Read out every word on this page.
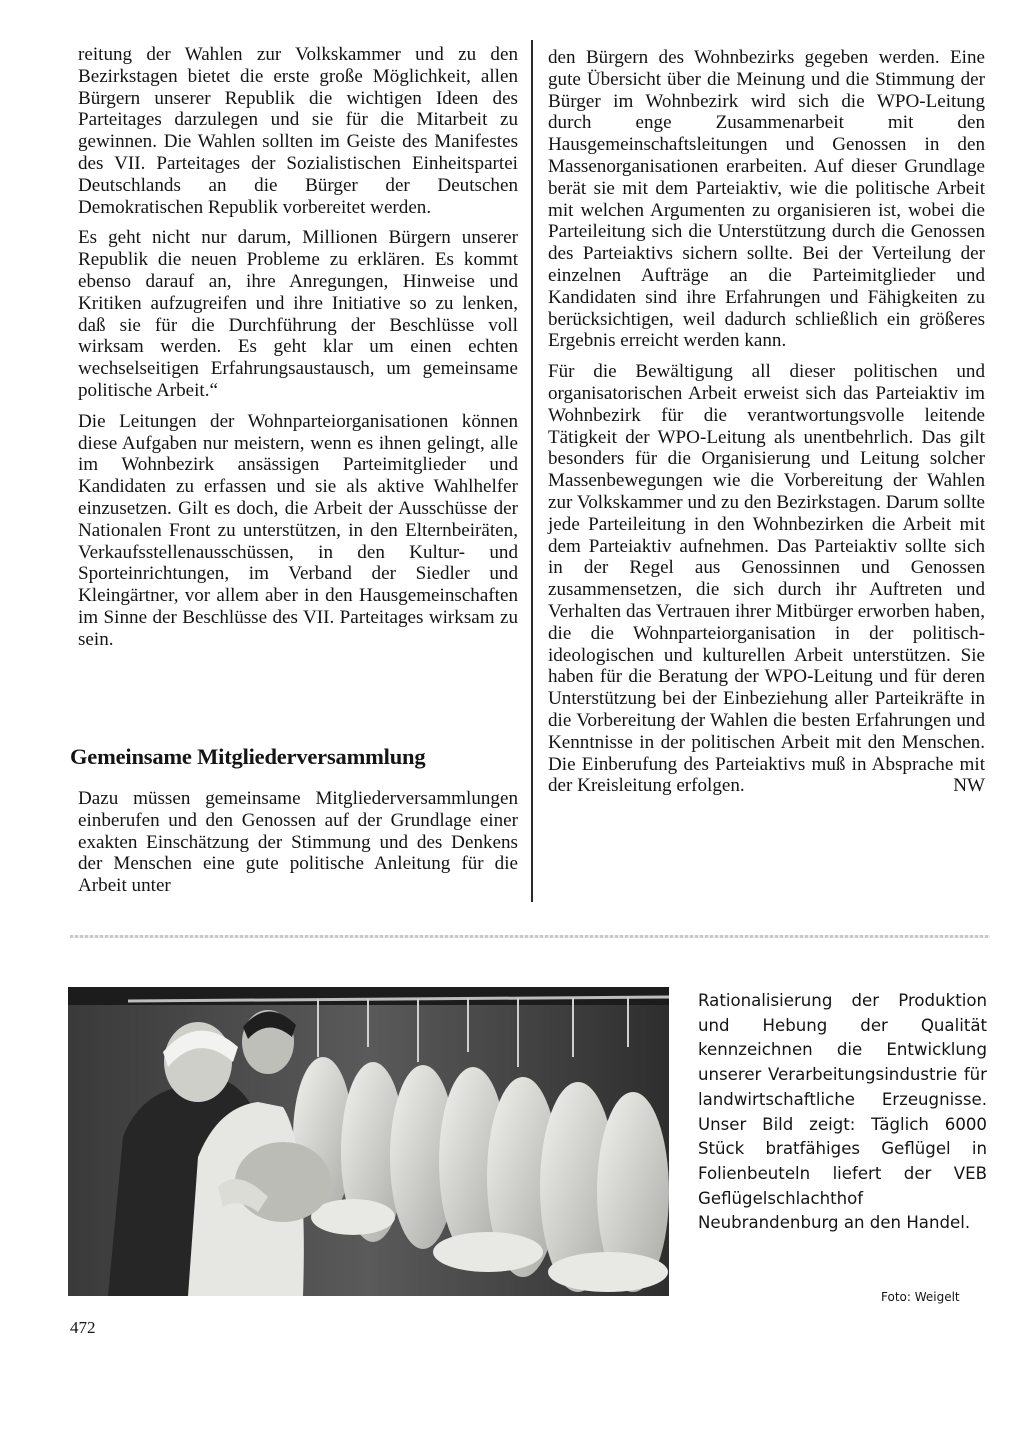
reitung der Wahlen zur Volkskammer und zu den Bezirkstagen bietet die erste große Möglichkeit, allen Bürgern unserer Republik die wichtigen Ideen des Parteitages darzulegen und sie für die Mitarbeit zu gewinnen. Die Wahlen sollten im Geiste des Manifestes des VII. Parteitages der Sozialistischen Einheitspartei Deutschlands an die Bürger der Deutschen Demokratischen Republik vorbereitet werden.

Es geht nicht nur darum, Millionen Bürgern unserer Republik die neuen Probleme zu erklären. Es kommt ebenso darauf an, ihre Anregungen, Hinweise und Kritiken aufzugreifen und ihre Initiative so zu lenken, daß sie für die Durchführung der Beschlüsse voll wirksam werden. Es geht klar um einen echten wechselseitigen Erfahrungsaustausch, um gemeinsame politische Arbeit.“

Die Leitungen der Wohnparteiorganisationen können diese Aufgaben nur meistern, wenn es ihnen gelingt, alle im Wohnbezirk ansässigen Parteimitglieder und Kandidaten zu erfassen und sie als aktive Wahlhelfer einzusetzen. Gilt es doch, die Arbeit der Ausschüsse der Nationalen Front zu unterstützen, in den Elternbeiräten, Verkaufsstellenausschüssen, in den Kultur- und Sporteinrichtungen, im Verband der Siedler und Kleingärtner, vor allem aber in den Hausgemeinschaften im Sinne der Beschlüsse des VII. Parteitages wirksam zu sein.

Gemeinsame Mitgliederversammlung

Dazu müssen gemeinsame Mitgliederversammlungen einberufen und den Genossen auf der Grundlage einer exakten Einschätzung der Stimmung und des Denkens der Menschen eine gute politische Anleitung für die Arbeit unter

den Bürgern des Wohnbezirks gegeben werden. Eine gute Übersicht über die Meinung und die Stimmung der Bürger im Wohnbezirk wird sich die WPO-Leitung durch enge Zusammenarbeit mit den Hausgemeinschaftsleitungen und Genossen in den Massenorganisationen erarbeiten. Auf dieser Grundlage berät sie mit dem Parteiaktiv, wie die politische Arbeit mit welchen Argumenten zu organisieren ist, wobei die Parteileitung sich die Unterstützung durch die Genossen des Parteiaktivs sichern sollte. Bei der Verteilung der einzelnen Aufträge an die Parteimitglieder und Kandidaten sind ihre Erfahrungen und Fähigkeiten zu berücksichtigen, weil dadurch schließlich ein größeres Ergebnis erreicht werden kann.

Für die Bewältigung all dieser politischen und organisatorischen Arbeit erweist sich das Parteiaktiv im Wohnbezirk für die verantwortungsvolle leitende Tätigkeit der WPO-Leitung als unentbehrlich. Das gilt besonders für die Organisierung und Leitung solcher Massenbewegungen wie die Vorbereitung der Wahlen zur Volkskammer und zu den Bezirkstagen. Darum sollte jede Parteileitung in den Wohnbezirken die Arbeit mit dem Parteiaktiv aufnehmen. Das Parteiaktiv sollte sich in der Regel aus Genossinnen und Genossen zusammensetzen, die sich durch ihr Auftreten und Verhalten das Vertrauen ihrer Mitbürger erworben haben, die die Wohnparteiorganisation in der politisch-ideologischen und kulturellen Arbeit unterstützen. Sie haben für die Beratung der WPO-Leitung und für deren Unterstützung bei der Einbeziehung aller Parteikräfte in die Vorbereitung der Wahlen die besten Erfahrungen und Kenntnisse in der politischen Arbeit mit den Menschen. Die Einberufung des Parteiaktivs muß in Absprache mit der Kreisleitung erfolgen.	NW

Rationalisierung der Produktion und Hebung der Qualität kennzeichnen die Entwicklung unserer Verarbeitungsindustrie für landwirtschaftliche Erzeugnisse. Unser Bild zeigt: Täglich 6000 Stück bratfähiges Geflügel in Folienbeuteln liefert der VEB Geflügelschlachthof Neubrandenburg an den Handel.
Foto: Weigelt
472
